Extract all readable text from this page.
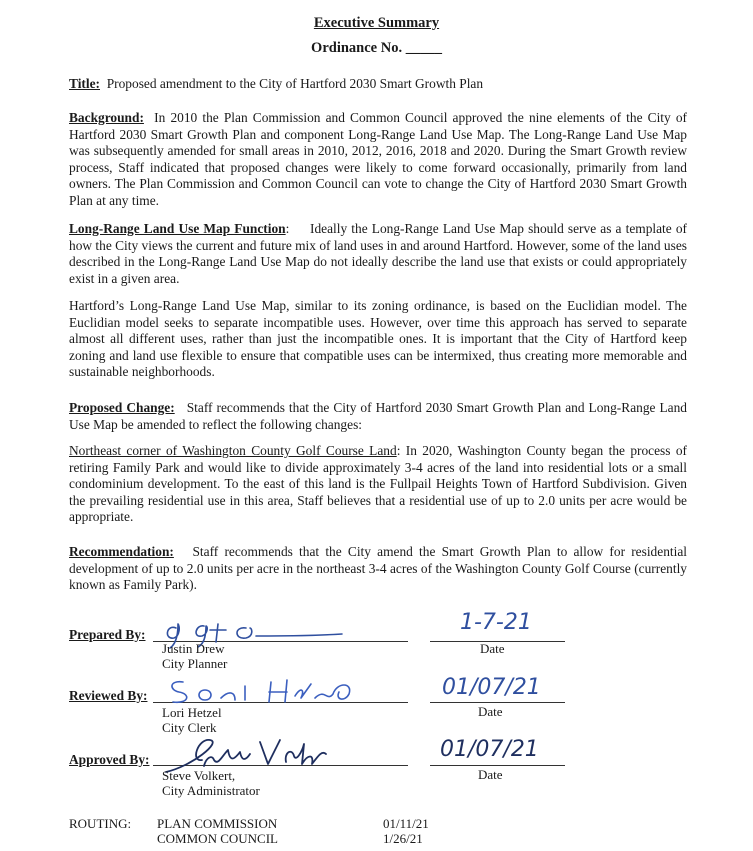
Executive Summary
Ordinance No. _____
Title: Proposed amendment to the City of Hartford 2030 Smart Growth Plan
Background: In 2010 the Plan Commission and Common Council approved the nine elements of the City of Hartford 2030 Smart Growth Plan and component Long-Range Land Use Map. The Long-Range Land Use Map was subsequently amended for small areas in 2010, 2012, 2016, 2018 and 2020. During the Smart Growth review process, Staff indicated that proposed changes were likely to come forward occasionally, primarily from land owners. The Plan Commission and Common Council can vote to change the City of Hartford 2030 Smart Growth Plan at any time.
Long-Range Land Use Map Function:     Ideally the Long-Range Land Use Map should serve as a template of how the City views the current and future mix of land uses in and around Hartford. However, some of the land uses described in the Long-Range Land Use Map do not ideally describe the land use that exists or could appropriately exist in a given area.
Hartford’s Long-Range Land Use Map, similar to its zoning ordinance, is based on the Euclidian model. The Euclidian model seeks to separate incompatible uses. However, over time this approach has served to separate almost all different uses, rather than just the incompatible ones. It is important that the City of Hartford keep zoning and land use flexible to ensure that compatible uses can be intermixed, thus creating more memorable and sustainable neighborhoods.
Proposed Change: Staff recommends that the City of Hartford 2030 Smart Growth Plan and Long-Range Land Use Map be amended to reflect the following changes:
Northeast corner of Washington County Golf Course Land: In 2020, Washington County began the process of retiring Family Park and would like to divide approximately 3-4 acres of the land into residential lots or a small condominium development. To the east of this land is the Fullpail Heights Town of Hartford Subdivision. Given the prevailing residential use in this area, Staff believes that a residential use of up to 2.0 units per acre would be appropriate.
Recommendation: Staff recommends that the City amend the Smart Growth Plan to allow for residential development of up to 2.0 units per acre in the northeast 3-4 acres of the Washington County Golf Course (currently known as Family Park).
Prepared By:	1-7-21
Justin Drew
City Planner
Date
Reviewed By:	01/07/21
Lori Hetzel
City Clerk
Date
Approved By:	01/07/21
Steve Volkert,
City Administrator
Date
ROUTING: PLAN COMMISSION	01/11/21
COMMON COUNCIL	1/26/21
